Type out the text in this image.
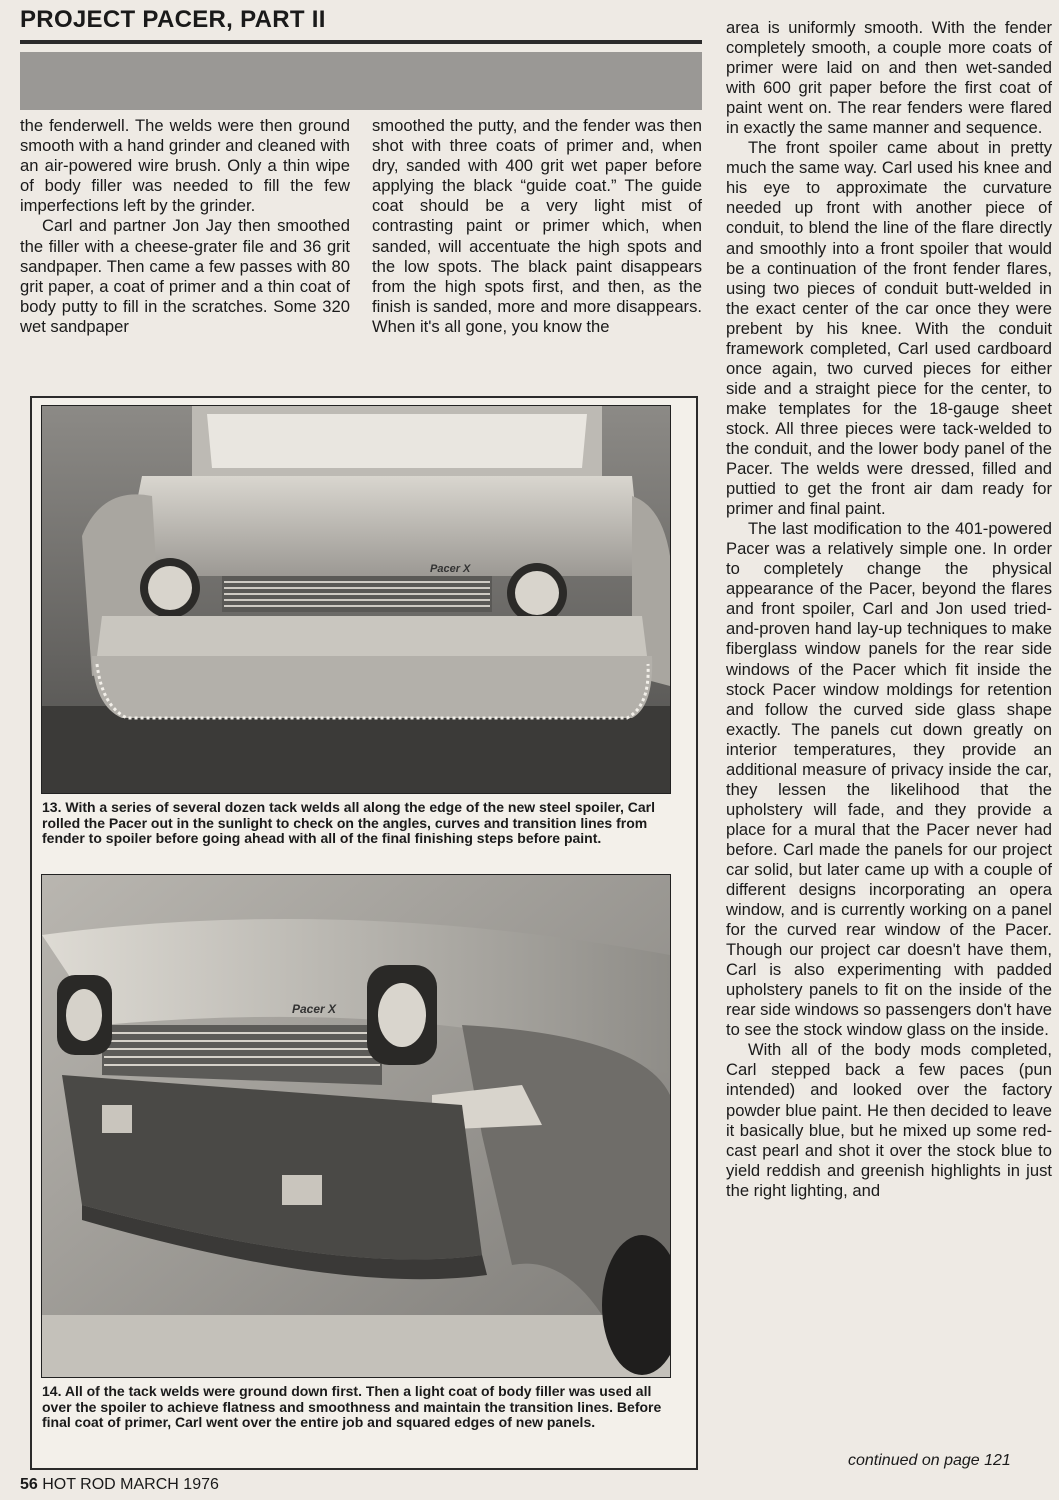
PROJECT PACER, PART II

the fenderwell. The welds were then ground smooth with a hand grinder and cleaned with an air-powered wire brush. Only a thin wipe of body filler was needed to fill the few imperfections left by the grinder.

Carl and partner Jon Jay then smoothed the filler with a cheese-grater file and 36 grit sandpaper. Then came a few passes with 80 grit paper, a coat of primer and a thin coat of body putty to fill in the scratches. Some 320 wet sandpaper

smoothed the putty, and the fender was then shot with three coats of primer and, when dry, sanded with 400 grit wet paper before applying the black “guide coat.” The guide coat should be a very light mist of contrasting paint or primer which, when sanded, will accentuate the high spots and the low spots. The black paint disappears from the high spots first, and then, as the finish is sanded, more and more disappears. When it's all gone, you know the

area is uniformly smooth. With the fender completely smooth, a couple more coats of primer were laid on and then wet-sanded with 600 grit paper before the first coat of paint went on. The rear fenders were flared in exactly the same manner and sequence.

The front spoiler came about in pretty much the same way. Carl used his knee and his eye to approximate the curvature needed up front with another piece of conduit, to blend the line of the flare directly and smoothly into a front spoiler that would be a continuation of the front fender flares, using two pieces of conduit butt-welded in the exact center of the car once they were prebent by his knee. With the conduit framework completed, Carl used cardboard once again, two curved pieces for either side and a straight piece for the center, to make templates for the 18-gauge sheet stock. All three pieces were tack-welded to the conduit, and the lower body panel of the Pacer. The welds were dressed, filled and puttied to get the front air dam ready for primer and final paint.

The last modification to the 401-powered Pacer was a relatively simple one. In order to completely change the physical appearance of the Pacer, beyond the flares and front spoiler, Carl and Jon used tried-and-proven hand lay-up techniques to make fiberglass window panels for the rear side windows of the Pacer which fit inside the stock Pacer window moldings for retention and follow the curved side glass shape exactly. The panels cut down greatly on interior temperatures, they provide an additional measure of privacy inside the car, they lessen the likelihood that the upholstery will fade, and they provide a place for a mural that the Pacer never had before. Carl made the panels for our project car solid, but later came up with a couple of different designs incorporating an opera window, and is currently working on a panel for the curved rear window of the Pacer. Though our project car doesn't have them, Carl is also experimenting with padded upholstery panels to fit on the inside of the rear side windows so passengers don't have to see the stock window glass on the inside.

With all of the body mods completed, Carl stepped back a few paces (pun intended) and looked over the factory powder blue paint. He then decided to leave it basically blue, but he mixed up some red-cast pearl and shot it over the stock blue to yield reddish and greenish highlights in just the right lighting, and

Pacer X

13. With a series of several dozen tack welds all along the edge of the new steel spoiler, Carl rolled the Pacer out in the sunlight to check on the angles, curves and transition lines from fender to spoiler before going ahead with all of the final finishing steps before paint.

Pacer X

14. All of the tack welds were ground down first. Then a light coat of body filler was used all over the spoiler to achieve flatness and smoothness and maintain the transition lines. Before final coat of primer, Carl went over the entire job and squared edges of new panels.

56 HOT ROD MARCH 1976
continued on page 121
